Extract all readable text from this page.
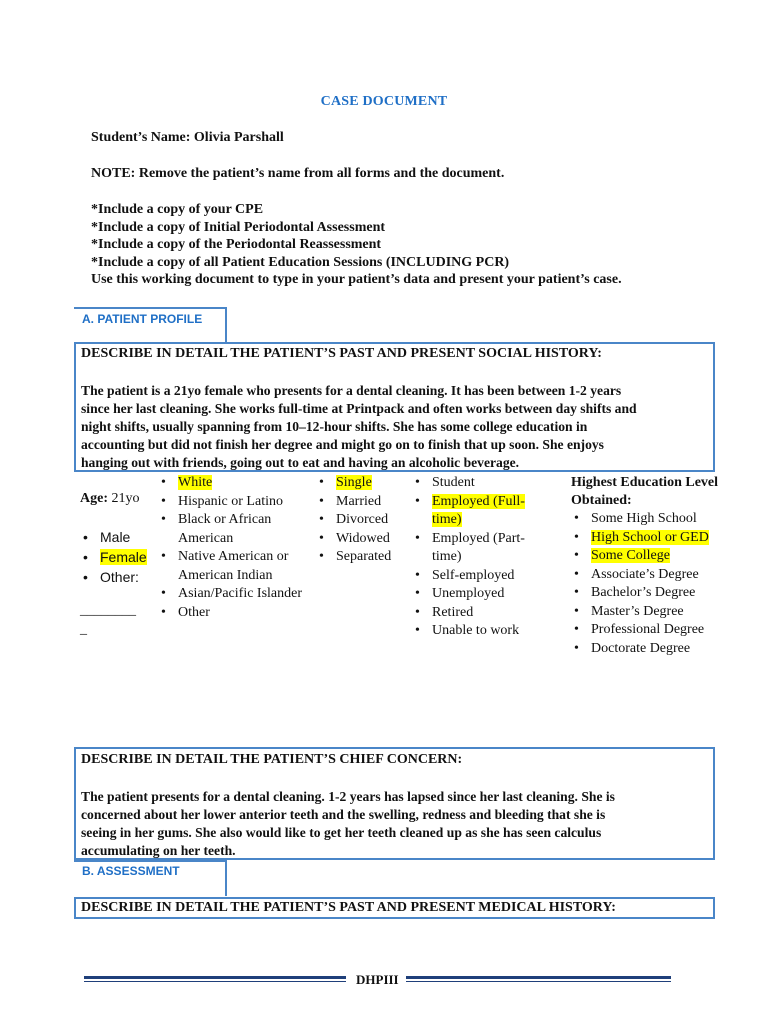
CASE DOCUMENT
Student’s Name: Olivia Parshall
NOTE: Remove the patient’s name from all forms and the document.
*Include a copy of your CPE
*Include a copy of Initial Periodontal Assessment
*Include a copy of the Periodontal Reassessment
*Include a copy of all Patient Education Sessions (INCLUDING PCR)
Use this working document to type in your patient’s data and present your patient’s case.
A. PATIENT PROFILE
DESCRIBE IN DETAIL THE PATIENT’S PAST AND PRESENT SOCIAL HISTORY:
The patient is a 21yo female who presents for a dental cleaning. It has been between 1-2 years
since her last cleaning. She works full-time at Printpack and often works between day shifts and
night shifts, usually spanning from 10–12-hour shifts. She has some college education in
accounting but did not finish her degree and might go on to finish that up soon. She enjoys
hanging out with friends, going out to eat and having an alcoholic beverage.
Age: 21yo
• Male
• Female
• Other:
________
_
• White
• Hispanic or Latino
• Black or African American
• Native American or American Indian
• Asian/Pacific Islander
• Other
• Single
• Married
• Divorced
• Widowed
• Separated
• Student
• Employed (Full-time)
• Employed (Part-time)
• Self-employed
• Unemployed
• Retired
• Unable to work
Highest Education Level Obtained:
• Some High School
• High School or GED
• Some College
• Associate’s Degree
• Bachelor’s Degree
• Master’s Degree
• Professional Degree
• Doctorate Degree
DESCRIBE IN DETAIL THE PATIENT’S CHIEF CONCERN:
The patient presents for a dental cleaning. 1-2 years has lapsed since her last cleaning. She is
concerned about her lower anterior teeth and the swelling, redness and bleeding that she is
seeing in her gums. She also would like to get her teeth cleaned up as she has seen calculus
accumulating on her teeth.
B. ASSESSMENT
DESCRIBE IN DETAIL THE PATIENT’S PAST AND PRESENT MEDICAL HISTORY:
DHPIII
